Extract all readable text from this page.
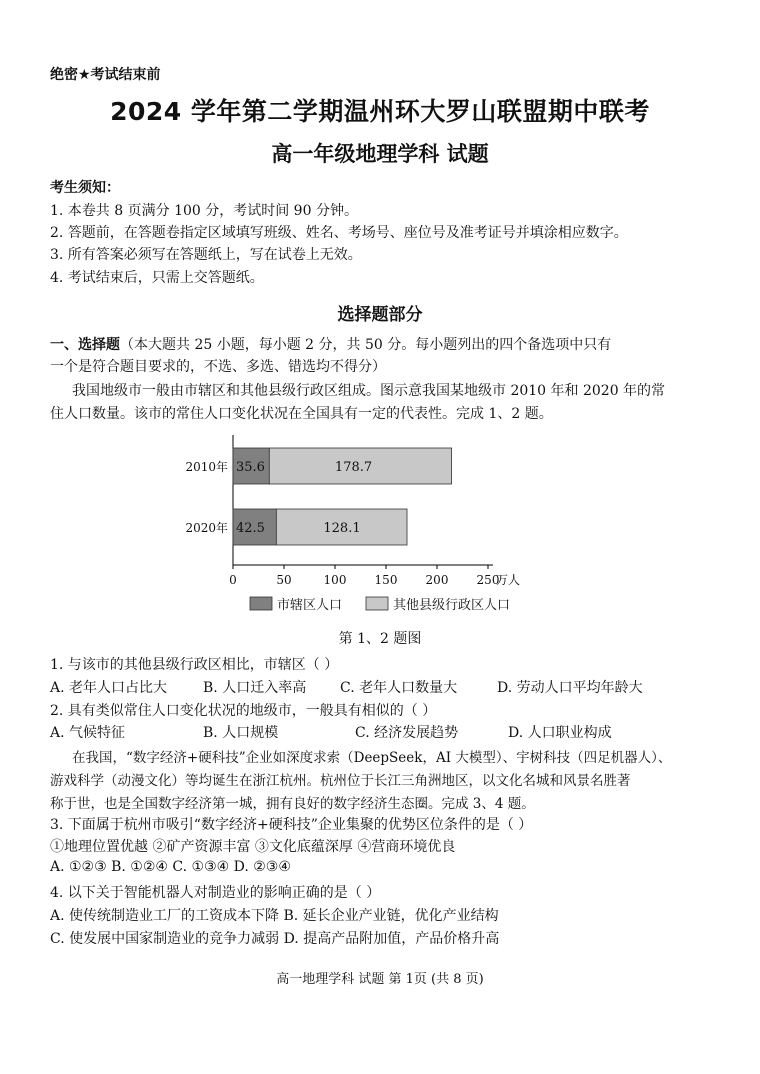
绝密★考试结束前
2024 学年第二学期温州环大罗山联盟期中联考
高一年级地理学科 试题
考生须知：
1. 本卷共 8 页满分 100 分，考试时间 90 分钟。
2. 答题前，在答题卷指定区域填写班级、姓名、考场号、座位号及准考证号并填涂相应数字。
3. 所有答案必须写在答题纸上，写在试卷上无效。
4. 考试结束后，只需上交答题纸。
选择题部分
一、选择题（本大题共 25 小题，每小题 2 分，共 50 分。每小题列出的四个备选项中只有
一个是符合题目要求的，不选、多选、错选均不得分）
我国地级市一般由市辖区和其他县级行政区组成。图示意我国某地级市 2010 年和 2020 年的常
住人口数量。该市的常住人口变化状况在全国具有一定的代表性。完成 1、2 题。
0	50	100 150 200 250
万人
2010年 35.6	178.7
2020年 42.5	128.1
市辖区人口	其他县级行政区人口
第 1、2 题图
1. 与该市的其他县级行政区相比，市辖区（ ）
A. 老年人口占比大	B. 人口迁入率高 C. 老年人口数量大	D. 劳动人口平均年龄大
2. 具有类似常住人口变化状况的地级市，一般具有相似的（ ）
A. 气候特征	B. 人口规模	C. 经济发展趋势	D. 人口职业构成
在我国，“数字经济+硬科技”企业如深度求索（DeepSeek，AI 大模型）、宇树科技（四足机器人）、
游戏科学（动漫文化）等均诞生在浙江杭州。杭州位于长江三角洲地区，以文化名城和风景名胜著
称于世，也是全国数字经济第一城，拥有良好的数字经济生态圈。完成 3、4 题。
3. 下面属于杭州市吸引“数字经济+硬科技”企业集聚的优势区位条件的是（ ）
①地理位置优越 ②矿产资源丰富 ③文化底蕴深厚 ④营商环境优良
A. ①②③ B. ①②④ C. ①③④ D. ②③④
4. 以下关于智能机器人对制造业的影响正确的是（ ）
A. 使传统制造业工厂的工资成本下降 B. 延长企业产业链，优化产业结构
C. 使发展中国家制造业的竞争力减弱 D. 提高产品附加值，产品价格升高
高一地理学科 试题 第 1页 (共 8 页)
